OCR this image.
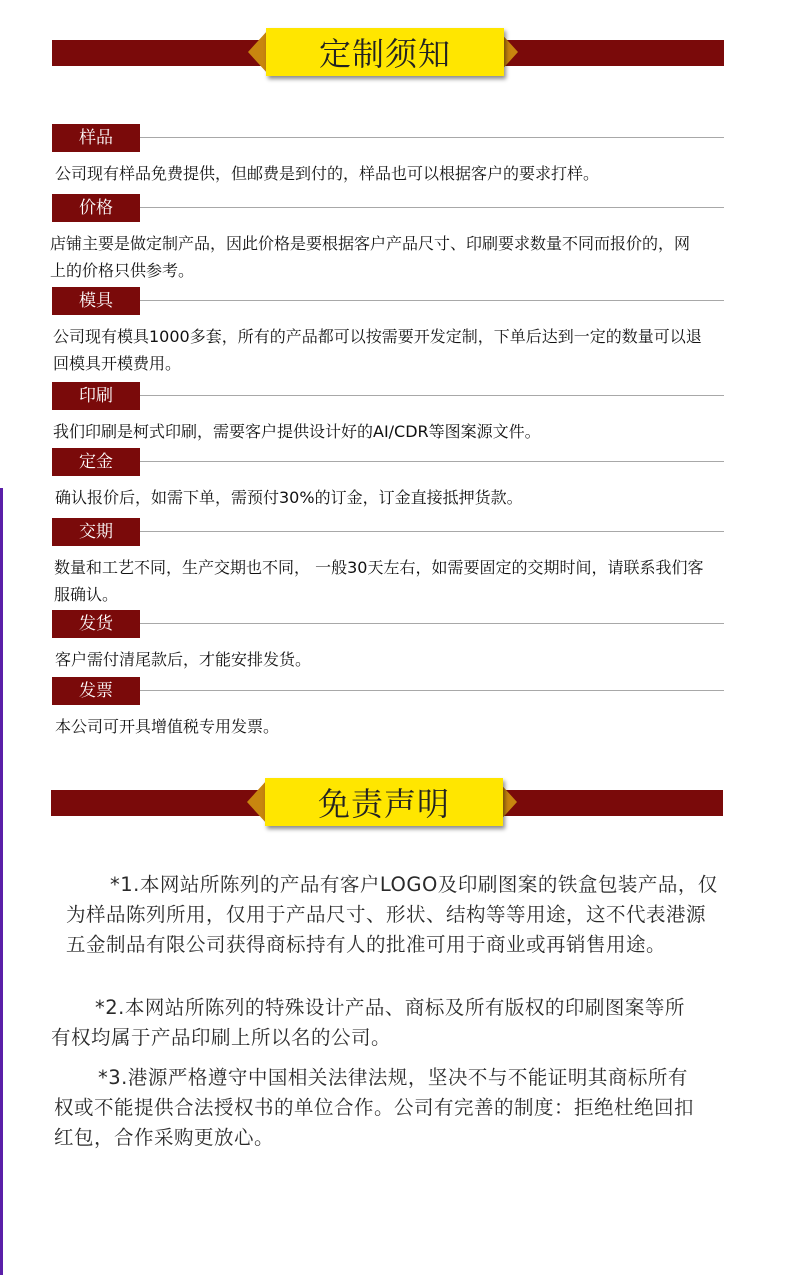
定制须知
样品
公司现有样品免费提供，但邮费是到付的，样品也可以根据客户的要求打样。
价格
店铺主要是做定制产品，因此价格是要根据客户产品尺寸、印刷要求数量不同而报价的，网上的价格只供参考。
模具
公司现有模具1000多套，所有的产品都可以按需要开发定制，下单后达到一定的数量可以退回模具开模费用。
印刷
我们印刷是柯式印刷，需要客户提供设计好的AI/CDR等图案源文件。
定金
确认报价后，如需下单，需预付30%的订金，订金直接抵押货款。
交期
数量和工艺不同，生产交期也不同， 一般30天左右，如需要固定的交期时间，请联系我们客服确认。
发货
客户需付清尾款后，才能安排发货。
发票
本公司可开具增值税专用发票。
免责声明
*1.本网站所陈列的产品有客户LOGO及印刷图案的铁盒包装产品，仅为样品陈列所用，仅用于产品尺寸、形状、结构等等用途，这不代表港源五金制品有限公司获得商标持有人的批准可用于商业或再销售用途。
*2.本网站所陈列的特殊设计产品、商标及所有版权的印刷图案等所有权均属于产品印刷上所以名的公司。
*3.港源严格遵守中国相关法律法规，坚决不与不能证明其商标所有权或不能提供合法授权书的单位合作。公司有完善的制度：拒绝杜绝回扣红包，合作采购更放心。
